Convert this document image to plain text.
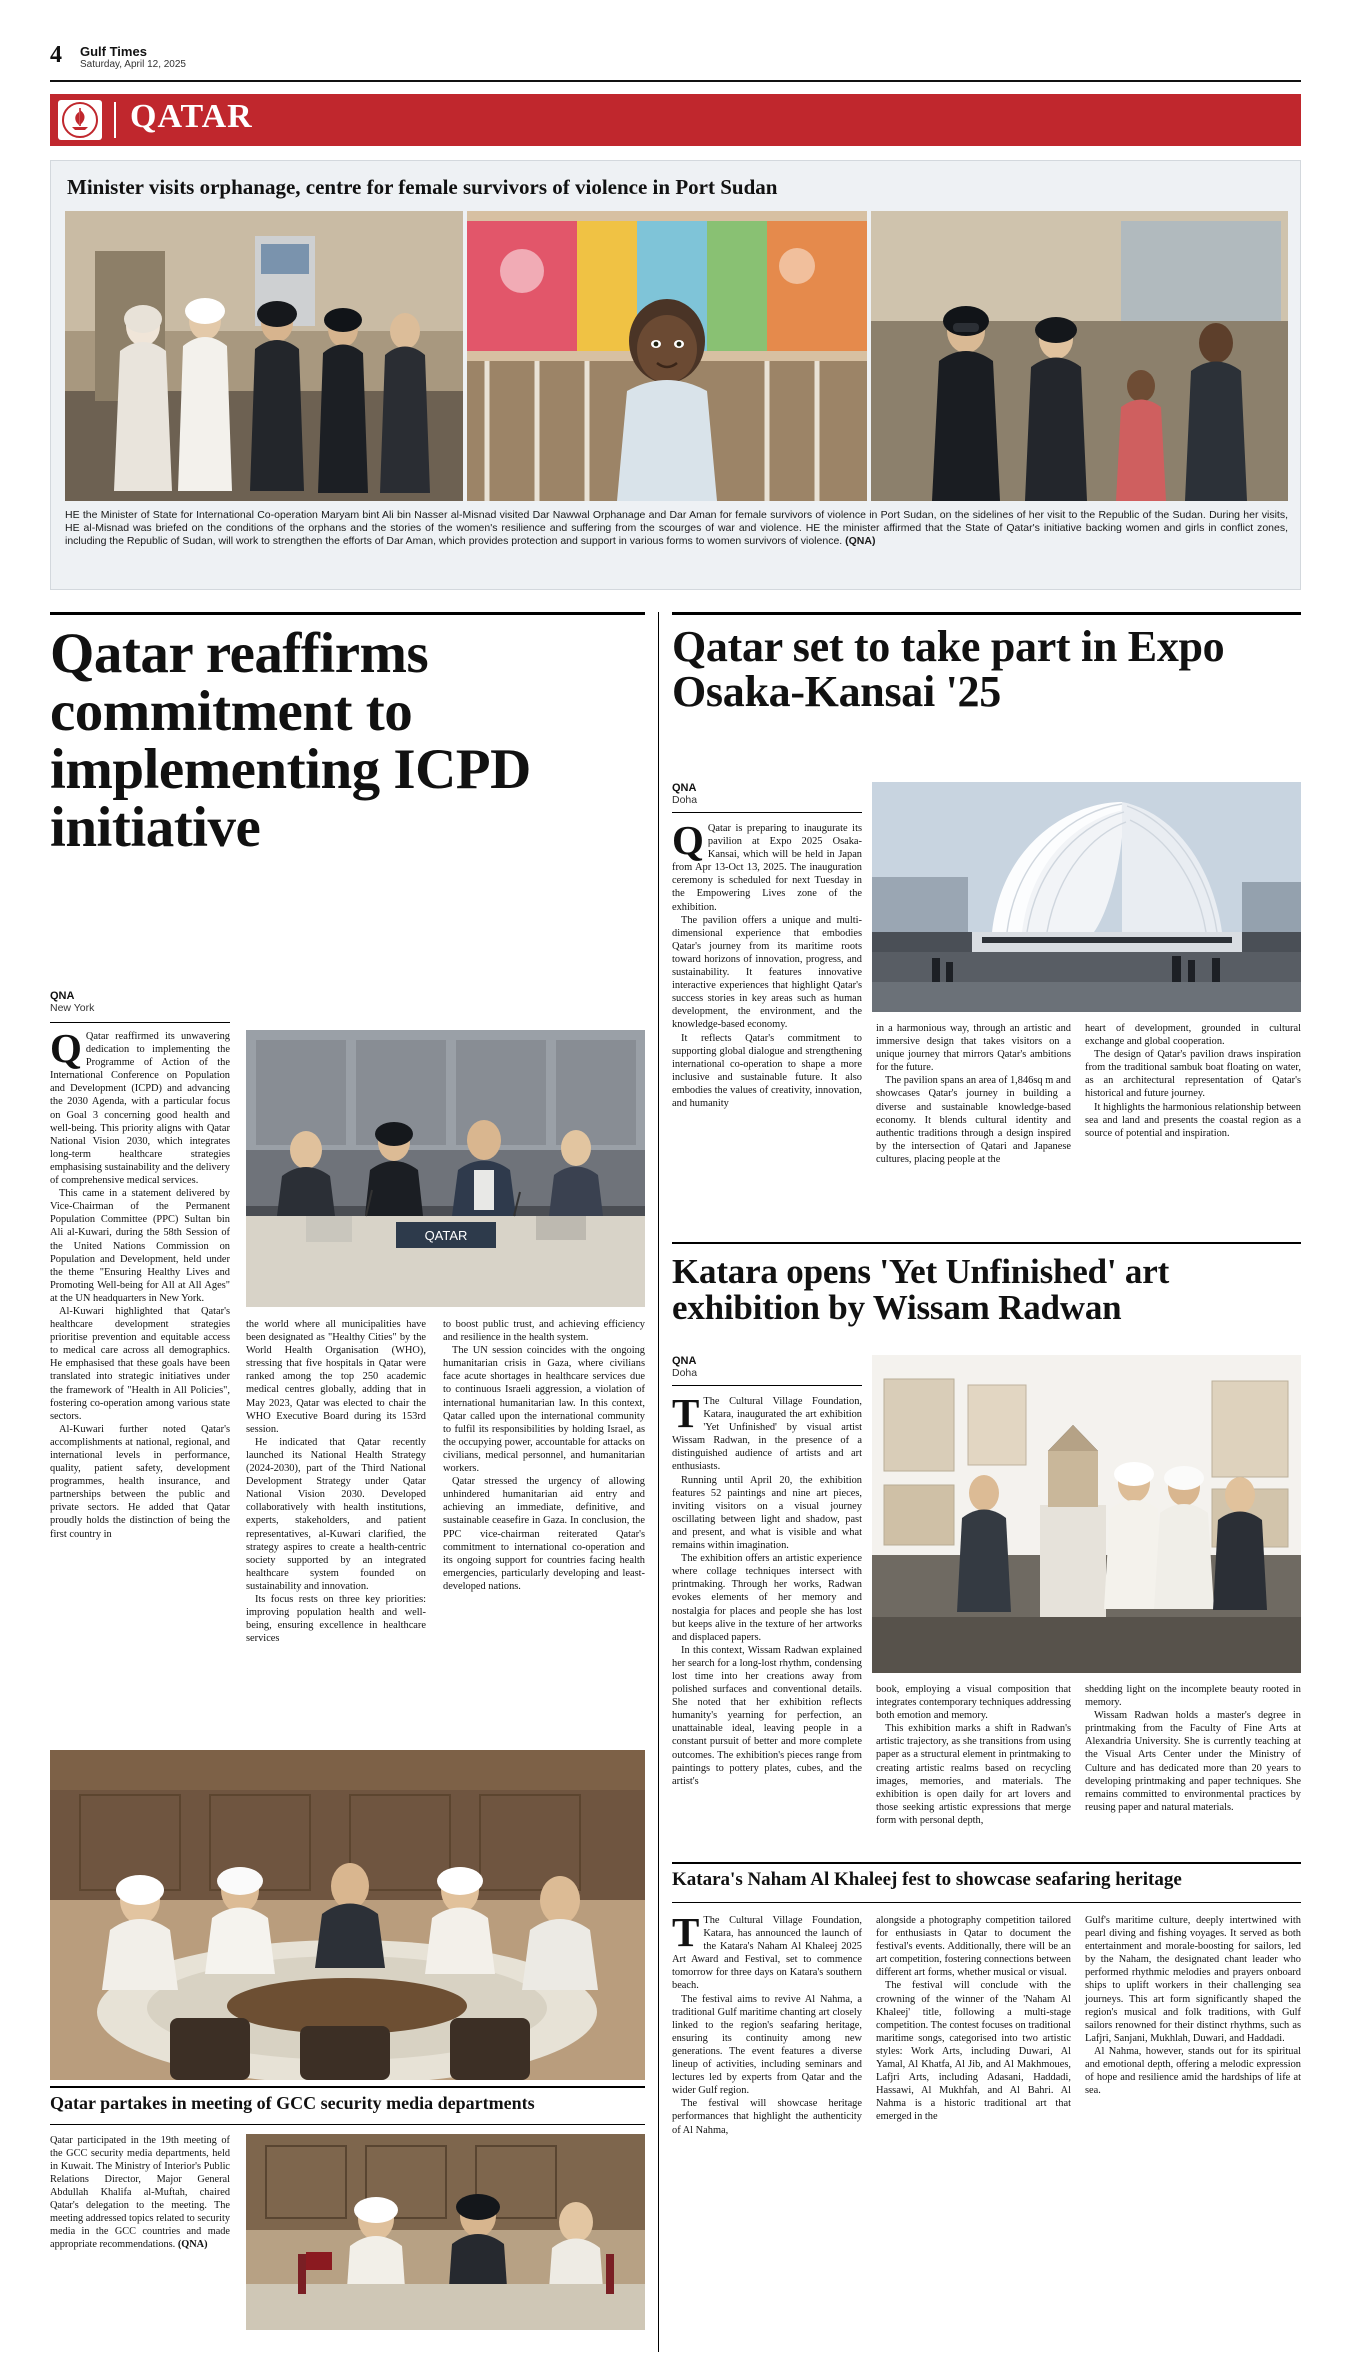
4 Gulf Times
Saturday, April 12, 2025
QATAR
Minister visits orphanage, centre for female survivors of violence in Port Sudan
HE the Minister of State for International Co-operation Maryam bint Ali bin Nasser al-Misnad visited Dar Nawwal Orphanage and Dar Aman for female survivors of violence in Port Sudan, on the sidelines of her visit to the Republic of the Sudan. During her visits, HE al-Misnad was briefed on the conditions of the orphans and the stories of the women's resilience and suffering from the scourges of war and violence. HE the minister affirmed that the State of Qatar's initiative backing women and girls in conflict zones, including the Republic of Sudan, will work to strengthen the efforts of Dar Aman, which provides protection and support in various forms to women survivors of violence. (QNA)
Qatar reaffirms commitment to implementing ICPD initiative
QNA
New York

Q Qatar reaffirmed its unwavering dedication to implementing the Programme of Action of the International Conference on Population and Development (ICPD) and advancing the 2030 Agenda, with a particular focus on Goal 3 concerning good health and well-being. This priority aligns with Qatar National Vision 2030, which integrates long-term healthcare strategies emphasising sustainability and the delivery of comprehensive medical services.

This came in a statement delivered by Vice-Chairman of the Permanent Population Committee (PPC) Sultan bin Ali al-Kuwari, during the 58th Session of the United Nations Commission on Population and Development, held under the theme "Ensuring Healthy Lives and Promoting Well-being for All at All Ages" at the UN headquarters in New York.

Al-Kuwari highlighted that Qatar's healthcare development strategies prioritise prevention and equitable access to medical care across all demographics. He emphasised that these goals have been translated into strategic initiatives under the framework of "Health in All Policies", fostering co-operation among various state sectors.

Al-Kuwari further noted Qatar's accomplishments at national, regional, and international levels in performance, quality, patient safety, development programmes, health insurance, and partnerships between the public and private sectors. He added that Qatar proudly holds the distinction of being the first country in

QATAR

the world where all municipalities have been designated as "Healthy Cities" by the World Health Organisation (WHO), stressing that five hospitals in Qatar were ranked among the top 250 academic medical centres globally, adding that in May 2023, Qatar was elected to chair the WHO Executive Board during its 153rd session.

He indicated that Qatar recently launched its National Health Strategy (2024-2030), part of the Third National Development Strategy under Qatar National Vision 2030. Developed collaboratively with health institutions, experts, stakeholders, and patient representatives, al-Kuwari clarified, the strategy aspires to create a health-centric society supported by an integrated healthcare system founded on sustainability and innovation.

Its focus rests on three key priorities: improving population health and well-being, ensuring excellence in healthcare services

to boost public trust, and achieving efficiency and resilience in the health system.

The UN session coincides with the ongoing humanitarian crisis in Gaza, where civilians face acute shortages in healthcare services due to continuous Israeli aggression, a violation of international humanitarian law. In this context, Qatar called upon the international community to fulfil its responsibilities by holding Israel, as the occupying power, accountable for attacks on civilians, medical personnel, and humanitarian workers.

Qatar stressed the urgency of allowing unhindered humanitarian aid entry and achieving an immediate, definitive, and sustainable ceasefire in Gaza. In conclusion, the PPC vice-chairman reiterated Qatar's commitment to international co-operation and its ongoing support for countries facing health emergencies, particularly developing and least-developed nations.

Qatar partakes in meeting of GCC security media departments

Qatar participated in the 19th meeting of the GCC security media departments, held in Kuwait. The Ministry of Interior's Public Relations Director, Major General Abdullah Khalifa al-Muftah, chaired Qatar's delegation to the meeting. The meeting addressed topics related to security media in the GCC countries and made appropriate recommendations. (QNA)

Qatar set to take part in Expo Osaka-Kansai '25
QNA
Doha

Q Qatar is preparing to inaugurate its pavilion at Expo 2025 Osaka-Kansai, which will be held in Japan from Apr 13-Oct 13, 2025. The inauguration ceremony is scheduled for next Tuesday in the Empowering Lives zone of the exhibition.

The pavilion offers a unique and multi-dimensional experience that embodies Qatar's journey from its maritime roots toward horizons of innovation, progress, and sustainability. It features innovative interactive experiences that highlight Qatar's success stories in key areas such as human development, the environment, and the knowledge-based economy.

It reflects Qatar's commitment to supporting global dialogue and strengthening international co-operation to shape a more inclusive and sustainable future. It also embodies the values of creativity, innovation, and humanity

in a harmonious way, through an artistic and immersive design that takes visitors on a unique journey that mirrors Qatar's ambitions for the future.

The pavilion spans an area of 1,846sq m and showcases Qatar's journey in building a diverse and sustainable knowledge-based economy. It blends cultural identity and authentic traditions through a design inspired by the intersection of Qatari and Japanese cultures, placing people at the

heart of development, grounded in cultural exchange and global cooperation.

The design of Qatar's pavilion draws inspiration from the traditional sambuk boat floating on water, as an architectural representation of Qatar's historical and future journey.

It highlights the harmonious relationship between sea and land and presents the coastal region as a source of potential and inspiration.

Katara opens 'Yet Unfinished' art exhibition by Wissam Radwan
QNA
Doha

T The Cultural Village Foundation, Katara, inaugurated the art exhibition 'Yet Unfinished' by visual artist Wissam Radwan, in the presence of a distinguished audience of artists and art enthusiasts.

Running until April 20, the exhibition features 52 paintings and nine art pieces, inviting visitors on a visual journey oscillating between light and shadow, past and present, and what is visible and what remains within imagination.

The exhibition offers an artistic experience where collage techniques intersect with printmaking. Through her works, Radwan evokes elements of her memory and nostalgia for places and people she has lost but keeps alive in the texture of her artworks and displaced papers.

In this context, Wissam Radwan explained her search for a long-lost rhythm, condensing lost time into her creations away from polished surfaces and conventional details. She noted that her exhibition reflects humanity's yearning for perfection, an unattainable ideal, leaving people in a constant pursuit of better and more complete outcomes. The exhibition's pieces range from paintings to pottery plates, cubes, and the artist's

book, employing a visual composition that integrates contemporary techniques addressing both emotion and memory.

This exhibition marks a shift in Radwan's artistic trajectory, as she transitions from using paper as a structural element in printmaking to creating artistic realms based on recycling images, memories, and materials. The exhibition is open daily for art lovers and those seeking artistic expressions that merge form with personal depth,

shedding light on the incomplete beauty rooted in memory.

Wissam Radwan holds a master's degree in printmaking from the Faculty of Fine Arts at Alexandria University. She is currently teaching at the Visual Arts Center under the Ministry of Culture and has dedicated more than 20 years to developing printmaking and paper techniques. She remains committed to environmental practices by reusing paper and natural materials.

Katara's Naham Al Khaleej fest to showcase seafaring heritage

T The Cultural Village Foundation, Katara, has announced the launch of the Katara's Naham Al Khaleej 2025 Art Award and Festival, set to commence tomorrow for three days on Katara's southern beach.

The festival aims to revive Al Nahma, a traditional Gulf maritime chanting art closely linked to the region's seafaring heritage, ensuring its continuity among new generations. The event features a diverse lineup of activities, including seminars and lectures led by experts from Qatar and the wider Gulf region.

The festival will showcase heritage performances that highlight the authenticity of Al Nahma,

alongside a photography competition tailored for enthusiasts in Qatar to document the festival's events. Additionally, there will be an art competition, fostering connections between different art forms, whether musical or visual.

The festival will conclude with the crowning of the winner of the 'Naham Al Khaleej' title, following a multi-stage competition. The contest focuses on traditional maritime songs, categorised into two artistic styles: Work Arts, including Duwari, Al Yamal, Al Khatfa, Al Jib, and Al Makhmoues, Lafjri Arts, including Adasani, Haddadi, Hassawi, Al Mukhfah, and Al Bahri. Al Nahma is a historic traditional art that emerged in the

Gulf's maritime culture, deeply intertwined with pearl diving and fishing voyages. It served as both entertainment and morale-boosting for sailors, led by the Naham, the designated chant leader who performed rhythmic melodies and prayers onboard ships to uplift workers in their challenging sea journeys. This art form significantly shaped the region's musical and folk traditions, with Gulf sailors renowned for their distinct rhythms, such as Lafjri, Sanjani, Mukhlah, Duwari, and Haddadi.

Al Nahma, however, stands out for its spiritual and emotional depth, offering a melodic expression of hope and resilience amid the hardships of life at sea.
